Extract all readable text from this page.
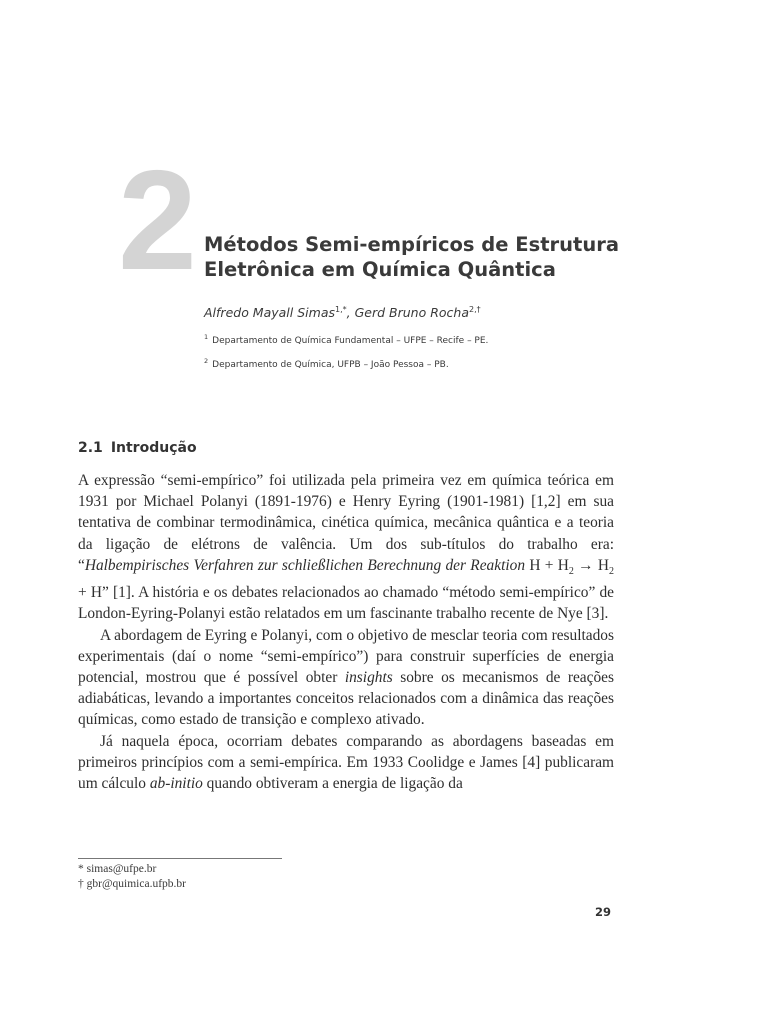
2 Métodos Semi-empíricos de Estrutura
Eletrônica em Química Quântica
Alfredo Mayall Simas$^{1,*}$, Gerd Bruno Rocha$^{2,\dagger}$
$^1$ Departamento de Química Fundamental – UFPE – Recife – PE.
$^2$ Departamento de Química, UFPB – João Pessoa – PB.
2.1 Introdução

A expressão “semi-empírico” foi utilizada pela primeira vez em química teórica em 1931 por Michael Polanyi (1891-1976) e Henry Eyring (1901-1981) [1,2] em sua tentativa de combinar termodinâmica, cinética química, mecânica quântica e a teoria da ligação de elétrons de valência. Um dos sub-títulos do trabalho era: “Halbempirisches Verfahren zur schließlichen Berechnung der Reaktion $H + H_2 \to H_2 + H$” [1]. A história e os debates relacionados ao chamado “método semi-empírico” de London-Eyring-Polanyi estão relatados em um fascinante trabalho recente de Nye [3].

A abordagem de Eyring e Polanyi, com o objetivo de mesclar teoria com resultados experimentais (daí o nome “semi-empírico”) para construir superfícies de energia potencial, mostrou que é possível obter insights sobre os mecanismos de reações adiabáticas, levando a importantes conceitos relacionados com a dinâmica das reações químicas, como estado de transição e complexo ativado.

Já naquela época, ocorriam debates comparando as abordagens baseadas em primeiros princípios com a semi-empírica. Em 1933 Coolidge e James [4] publicaram um cálculo ab-initio quando obtiveram a energia de ligação da

* simas@ufpe.br
† gbr@quimica.ufpb.br
29
